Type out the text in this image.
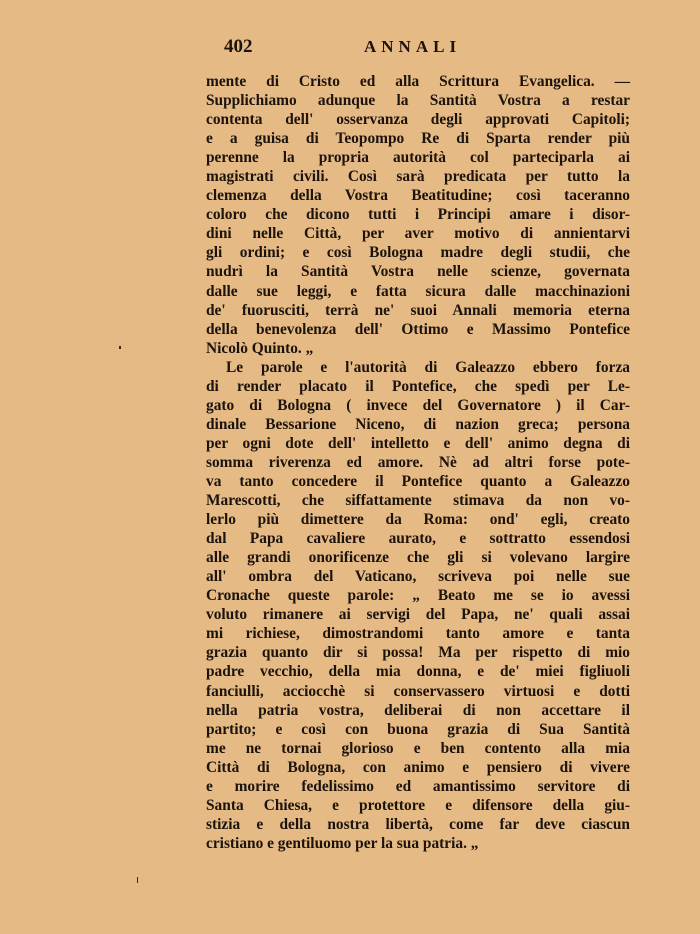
402	ANNALI
mente di Cristo ed alla Scrittura Evangelica. —
Supplichiamo adunque la Santità Vostra a restar
contenta dell' osservanza degli approvati Capitoli;
e a guisa di Teopompo Re di Sparta render più
perenne la propria autorità col parteciparla ai
magistrati civili. Così sarà predicata per tutto la
clemenza della Vostra Beatitudine; così taceranno
coloro che dicono tutti i Principi amare i disor-
dini nelle Città, per aver motivo di annientarvi
gli ordini; e così Bologna madre degli studii, che
nudrì la Santità Vostra nelle scienze, governata
dalle sue leggi, e fatta sicura dalle macchinazioni
de' fuorusciti, terrà ne' suoi Annali memoria eterna
della benevolenza dell' Ottimo e Massimo Pontefice
Nicolò Quinto. „
Le parole e l'autorità di Galeazzo ebbero forza
di render placato il Pontefice, che spedì per Le-
gato di Bologna ( invece del Governatore ) il Car-
dinale Bessarione Niceno, di nazion greca; persona
per ogni dote dell' intelletto e dell' animo degna di
somma riverenza ed amore. Nè ad altri forse pote-
va tanto concedere il Pontefice quanto a Galeazzo
Marescotti, che siffattamente stimava da non vo-
lerlo più dimettere da Roma: ond' egli, creato
dal Papa cavaliere aurato, e sottratto essendosi
alle grandi onorificenze che gli si volevano largire
all' ombra del Vaticano, scriveva poi nelle sue
Cronache queste parole: „ Beato me se io avessi
voluto rimanere ai servigi del Papa, ne' quali assai
mi richiese, dimostrandomi tanto amore e tanta
grazia quanto dir si possa! Ma per rispetto di mio
padre vecchio, della mia donna, e de' miei figliuoli
fanciulli, acciocchè si conservassero virtuosi e dotti
nella patria vostra, deliberai di non accettare il
partito; e così con buona grazia di Sua Santità
me ne tornai glorioso e ben contento alla mia
Città di Bologna, con animo e pensiero di vivere
e morire fedelissimo ed amantissimo servitore di
Santa Chiesa, e protettore e difensore della giu-
stizia e della nostra libertà, come far deve ciascun
cristiano e gentiluomo per la sua patria. „
